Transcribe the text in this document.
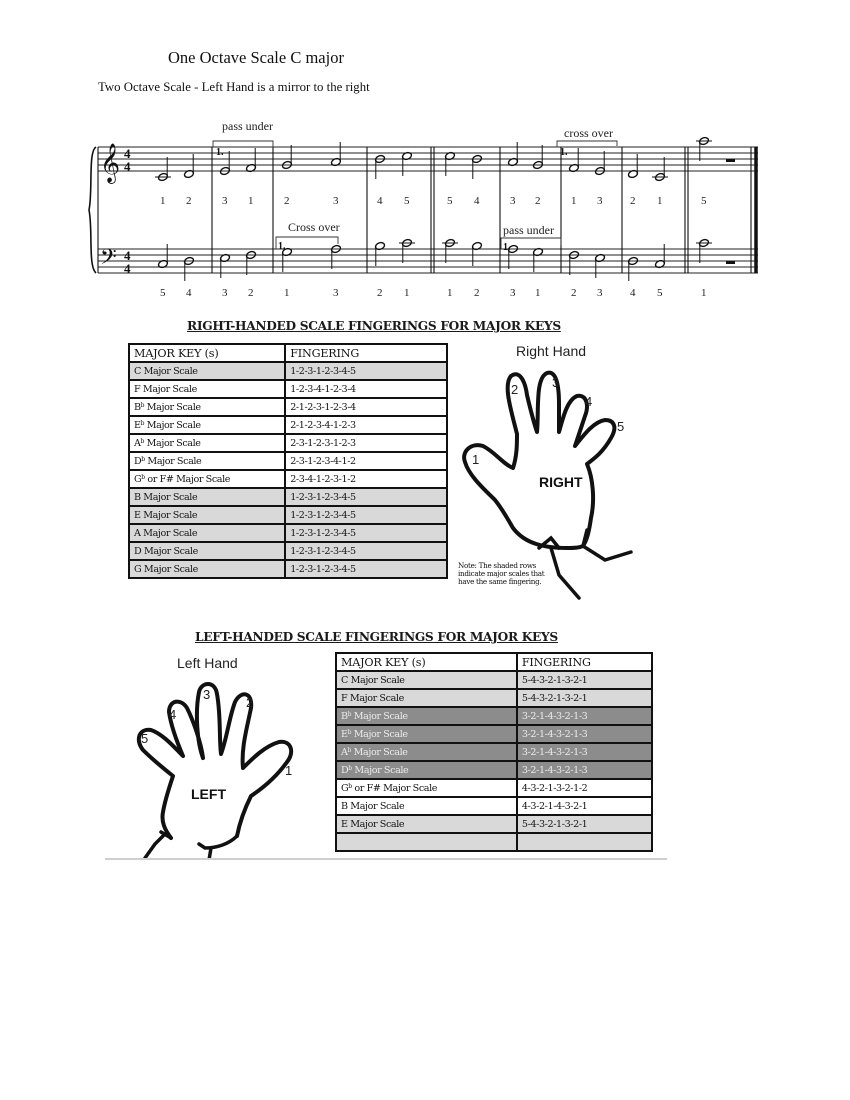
One Octave Scale C major
Two Octave Scale - Left Hand is a mirror to the right
𝄞
𝄢
4
4
4
4
1 2	3 1	2	3	4 5	5 4	3 2	1 3	2 1	5
5 4	3 2	1	3	2 1	1 2	3 1	2 3	4 5	1
1.
1.
1.
1.
pass under	cross over
Cross over	pass under
RIGHT-HANDED SCALE FINGERINGS FOR MAJOR KEYS
MAJOR KEY (s)	FINGERING
C Major Scale	1-2-3-1-2-3-4-5
F Major Scale	1-2-3-4-1-2-3-4
$B^b$ Major Scale	2-1-2-3-1-2-3-4
$E^b$ Major Scale	2-1-2-3-4-1-2-3
$A^b$ Major Scale	2-3-1-2-3-1-2-3
$D^b$ Major Scale	2-3-1-2-3-4-1-2
$G^b$ or F# Major Scale	2-3-4-1-2-3-1-2
B Major Scale	1-2-3-1-2-3-4-5
E Major Scale	1-2-3-1-2-3-4-5
A Major Scale	1-2-3-1-2-3-4-5
D Major Scale	1-2-3-1-2-3-4-5
G Major Scale	1-2-3-1-2-3-4-5
Right Hand
1
2	3
4
5
RIGHT
Note: The shaded rows indicate major scales that have the same fingering.
LEFT-HANDED SCALE FINGERINGS FOR MAJOR KEYS
Left Hand
1
2
3
4
5
LEFT
MAJOR KEY (s)	FINGERING
C Major Scale	5-4-3-2-1-3-2-1
F Major Scale	5-4-3-2-1-3-2-1
$B^b$ Major Scale	3-2-1-4-3-2-1-3
$E^b$ Major Scale	3-2-1-4-3-2-1-3
$A^b$ Major Scale	3-2-1-4-3-2-1-3
$D^b$ Major Scale	3-2-1-4-3-2-1-3
$G^b$ or F# Major Scale	4-3-2-1-3-2-1-2
B Major Scale	4-3-2-1-4-3-2-1
E Major Scale	5-4-3-2-1-3-2-1
